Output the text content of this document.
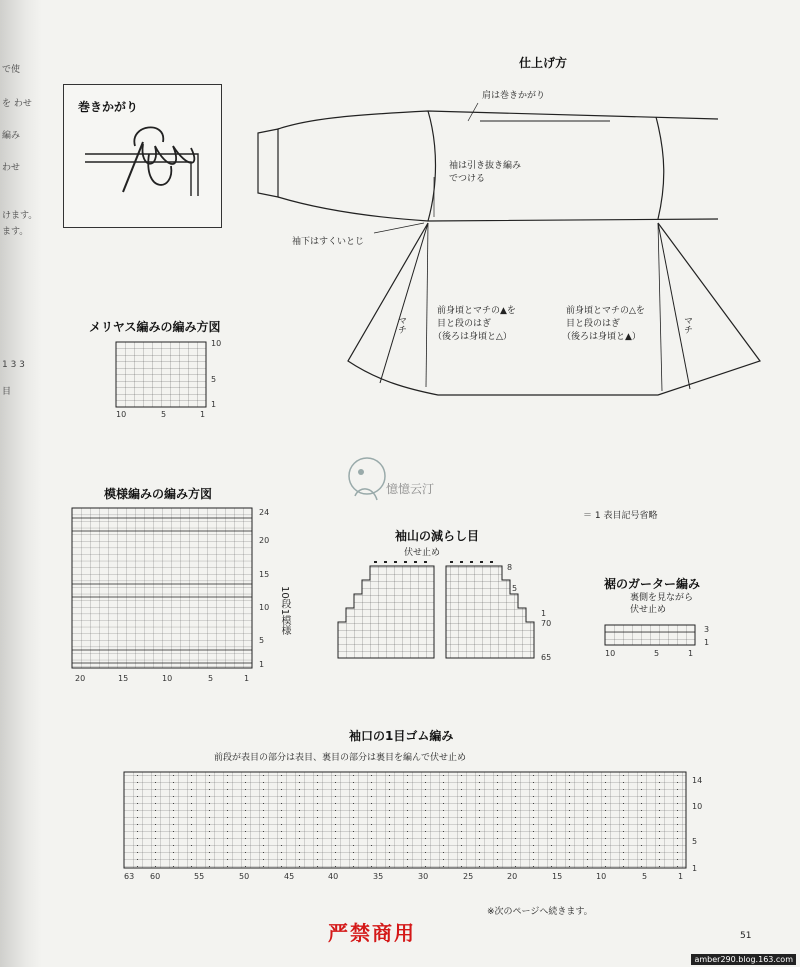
で使
を わせ
編み
わせ
けます。
ます。
1 3 3
目
巻きかがり
仕上げ方
肩は巻きかがり
袖は引き抜き編み
でつける
袖下はすくいとじ
マチ	マチ
前身頃とマチの▲を
目と段のはぎ
（後ろは身頃と△）
前身頃とマチの△を
目と段のはぎ
（後ろは身頃と▲）
メリヤス編みの編み方図
10
5
1
10	5	1
模様編みの編み方図
24
20
15
10
5
1
10段1模様
20	15	10	5	1
憶憶云汀
＝ 1 表目記号省略
袖山の減らし目
伏せ止め
8
5
1
70
65
裾のガーター編み
裏側を見ながら
伏せ止め
3
1
10	5	1
袖口の1目ゴム編み
前段が表目の部分は表目、裏目の部分は裏目を編んで伏せ止め
14
10
5
1
63 60	55	50	45	40	35	30	25	20	15	10	5	1
※次のページへ続きます。
51
严禁商用
amber290.blog.163.com
